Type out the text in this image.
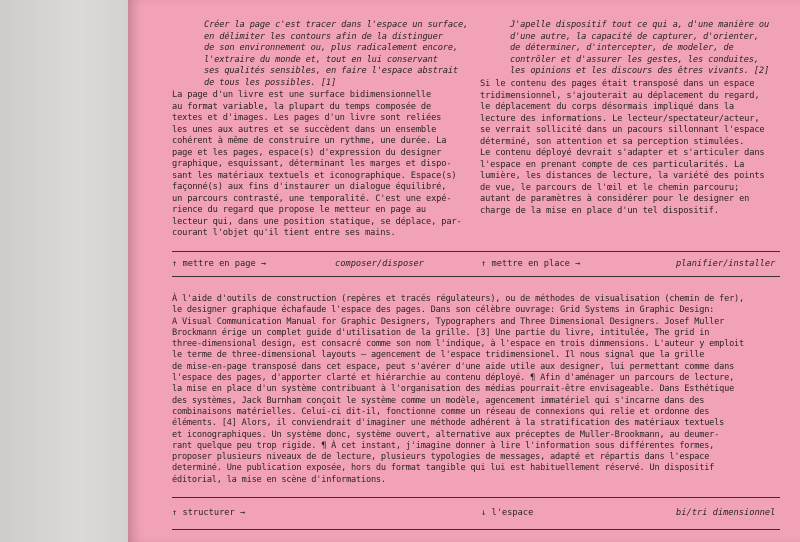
Créer la page c'est tracer dans l'espace un surface,
en délimiter les contours afin de la distinguer
de son environnement ou, plus radicalement encore,
l'extraire du monde et, tout en lui conservant
ses qualités sensibles, en faire l'espace abstrait
de tous les possibles. [1]
La page d'un livre est une surface bidimensionnelle
au format variable, la plupart du temps composée de
textes et d'images. Les pages d'un livre sont reliées
les unes aux autres et se succèdent dans un ensemble
cohérent à même de construire un rythme, une durée. La
page et les pages, espace(s) d'expression du designer
graphique, esquissant, déterminant les marges et dispo-
sant les matériaux textuels et iconographique. Espace(s)
façonné(s) aux fins d'instaurer un dialogue équilibré,
un parcours contrasté, une temporalité. C'est une expé-
rience du regard que propose le metteur en page au
lecteur qui, dans une position statique, se déplace, par-
courant l'objet qu'il tient entre ses mains.
J'apelle dispositif tout ce qui a, d'une manière ou
d'une autre, la capacité de capturer, d'orienter,
de déterminer, d'intercepter, de modeler, de
contrôler et d'assurer les gestes, les conduites,
les opinions et les discours des êtres vivants. [2]
Si le contenu des pages était transposé dans un espace
tridimensionnel, s'ajouterait au déplacement du regard,
le déplacement du corps désormais impliqué dans la
lecture des informations. Le lecteur/spectateur/acteur,
se verrait sollicité dans un pacours sillonnant l'espace
déterminé, son attention et sa perception stimulées.
Le contenu déployé devrait s'adapter et s'articuler dans
l'espace en prenant compte de ces particularités. La
lumière, les distances de lecture, la variété des points
de vue, le parcours de l'œil et le chemin parcouru;
autant de paramètres à considérer pour le designer en
charge de la mise en place d'un tel dispositif.
↑ mettre en page →	composer/disposer	↑ mettre en place →	planifier/installer
À l'aide d'outils de construction (repères et tracés régulateurs), ou de méthodes de visualisation (chemin de fer),
le designer graphique échafaude l'espace des pages. Dans son célèbre ouvrage: Grid Systems in Graphic Design:
A Visual Communication Manual for Graphic Designers, Typographers and Three Dimensional Designers. Josef Muller
Brockmann érige un complet guide d'utilisation de la grille. [3] Une partie du livre, intitulée, The grid in
three-dimensional design, est consacré comme son nom l'indique, à l'espace en trois dimmensions. L'auteur y emploit
le terme de three-dimensional layouts — agencement de l'espace tridimensionel. Il nous signal que la grille
de mise-en-page transposé dans cet espace, peut s'avérer d'une aide utile aux designer, lui permettant comme dans
l'espace des pages, d'apporter clarté et hiérarchie au contenu déployé. ¶ Afin d'aménager un parcours de lecture,
la mise en place d'un système contribuant à l'organisation des médias pourrait-être envisageable. Dans Esthétique
des systèmes, Jack Burnham conçoit le système comme un modèle, agencement immatériel qui s'incarne dans des
combinaisons matérielles. Celui-ci dit-il, fonctionne comme un réseau de connexions qui relie et ordonne des
éléments. [4] Alors, il conviendrait d'imaginer une méthode adhérent à la stratification des matériaux textuels
et iconographiques. Un système donc, système ouvert, alternative aux préceptes de Muller-Brookmann, au deumer-
rant quelque peu trop rigide. ¶ À cet instant, j'imagine donner à lire l'information sous différentes formes,
proposer plusieurs niveaux de de lecture, plusieurs typologies de messages, adapté et répartis dans l'espace
determiné. Une publication exposée, hors du format tangible qui lui est habituellement réservé. Un dispositif
éditorial, la mise en scène d'informations.
↑ structurer →	↓ l'espace	bi/tri dimensionnel
